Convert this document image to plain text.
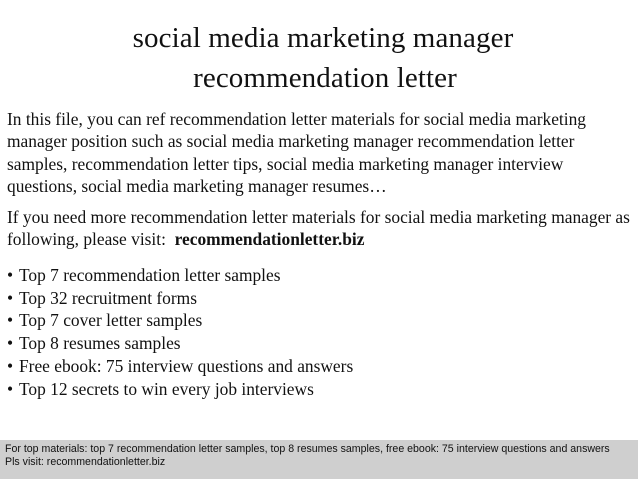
social media marketing manager
recommendation letter

In this file, you can ref recommendation letter materials for social media marketing manager position such as social media marketing manager recommendation letter samples, recommendation letter tips, social media marketing manager interview questions, social media marketing manager resumes…

If you need more recommendation letter materials for social media marketing manager as following, please visit: recommendationletter.biz

• Top 7 recommendation letter samples
• Top 32 recruitment forms
• Top 7 cover letter samples
• Top 8 resumes samples
• Free ebook: 75 interview questions and answers
• Top 12 secrets to win every job interviews
For top materials: top 7 recommendation letter samples, top 8 resumes samples, free ebook: 75 interview questions and answers
Pls visit: recommendationletter.biz
